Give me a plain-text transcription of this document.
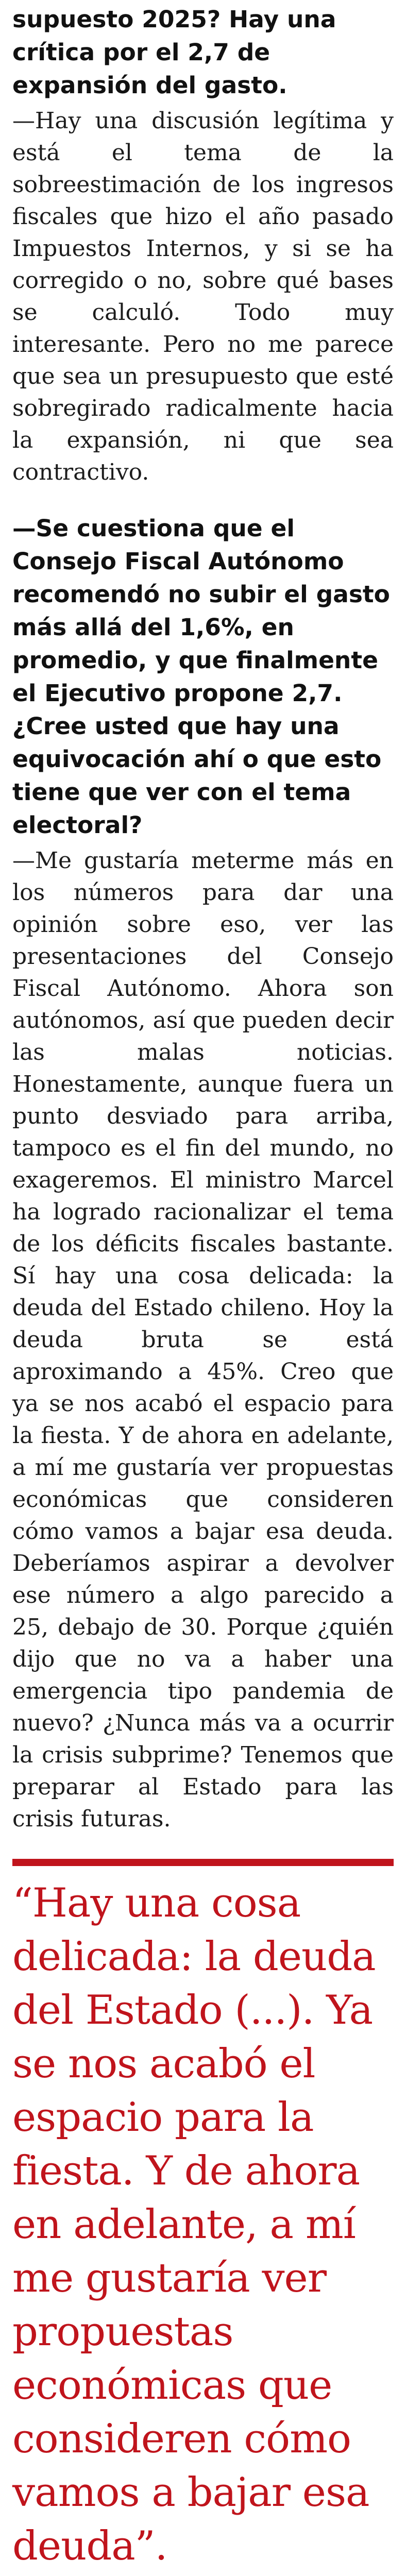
supuesto 2025? Hay una crítica por el 2,7 de expansión del gasto.

—Hay una discusión legítima y está el tema de la sobreestimación de los ingresos fiscales que hizo el año pasado Impuestos Internos, y si se ha corregido o no, sobre qué bases se calculó. Todo muy interesante. Pero no me parece que sea un presupuesto que esté sobregirado radicalmente hacia la expansión, ni que sea contractivo.

—Se cuestiona que el Consejo Fiscal Autónomo recomendó no subir el gasto más allá del 1,6%, en promedio, y que finalmente el Ejecutivo propone 2,7. ¿Cree usted que hay una equivocación ahí o que esto tiene que ver con el tema electoral?

—Me gustaría meterme más en los números para dar una opinión sobre eso, ver las presentaciones del Consejo Fiscal Autónomo. Ahora son autónomos, así que pueden decir las malas noticias. Honestamente, aunque fuera un punto desviado para arriba, tampoco es el fin del mundo, no exageremos. El ministro Marcel ha logrado racionalizar el tema de los déficits fiscales bastante. Sí hay una cosa delicada: la deuda del Estado chileno. Hoy la deuda bruta se está aproximando a 45%. Creo que ya se nos acabó el espacio para la fiesta. Y de ahora en adelante, a mí me gustaría ver propuestas económicas que consideren cómo vamos a bajar esa deuda. Deberíamos aspirar a devolver ese número a algo parecido a 25, debajo de 30. Porque ¿quién dijo que no va a haber una emergencia tipo pandemia de nuevo? ¿Nunca más va a ocurrir la crisis subprime? Tenemos que preparar al Estado para las crisis futuras.

“Hay una cosa delicada: la deuda del Estado (...). Ya se nos acabó el espacio para la fiesta. Y de ahora en adelante, a mí me gustaría ver propuestas económicas que consideren cómo vamos a bajar esa deuda”.
